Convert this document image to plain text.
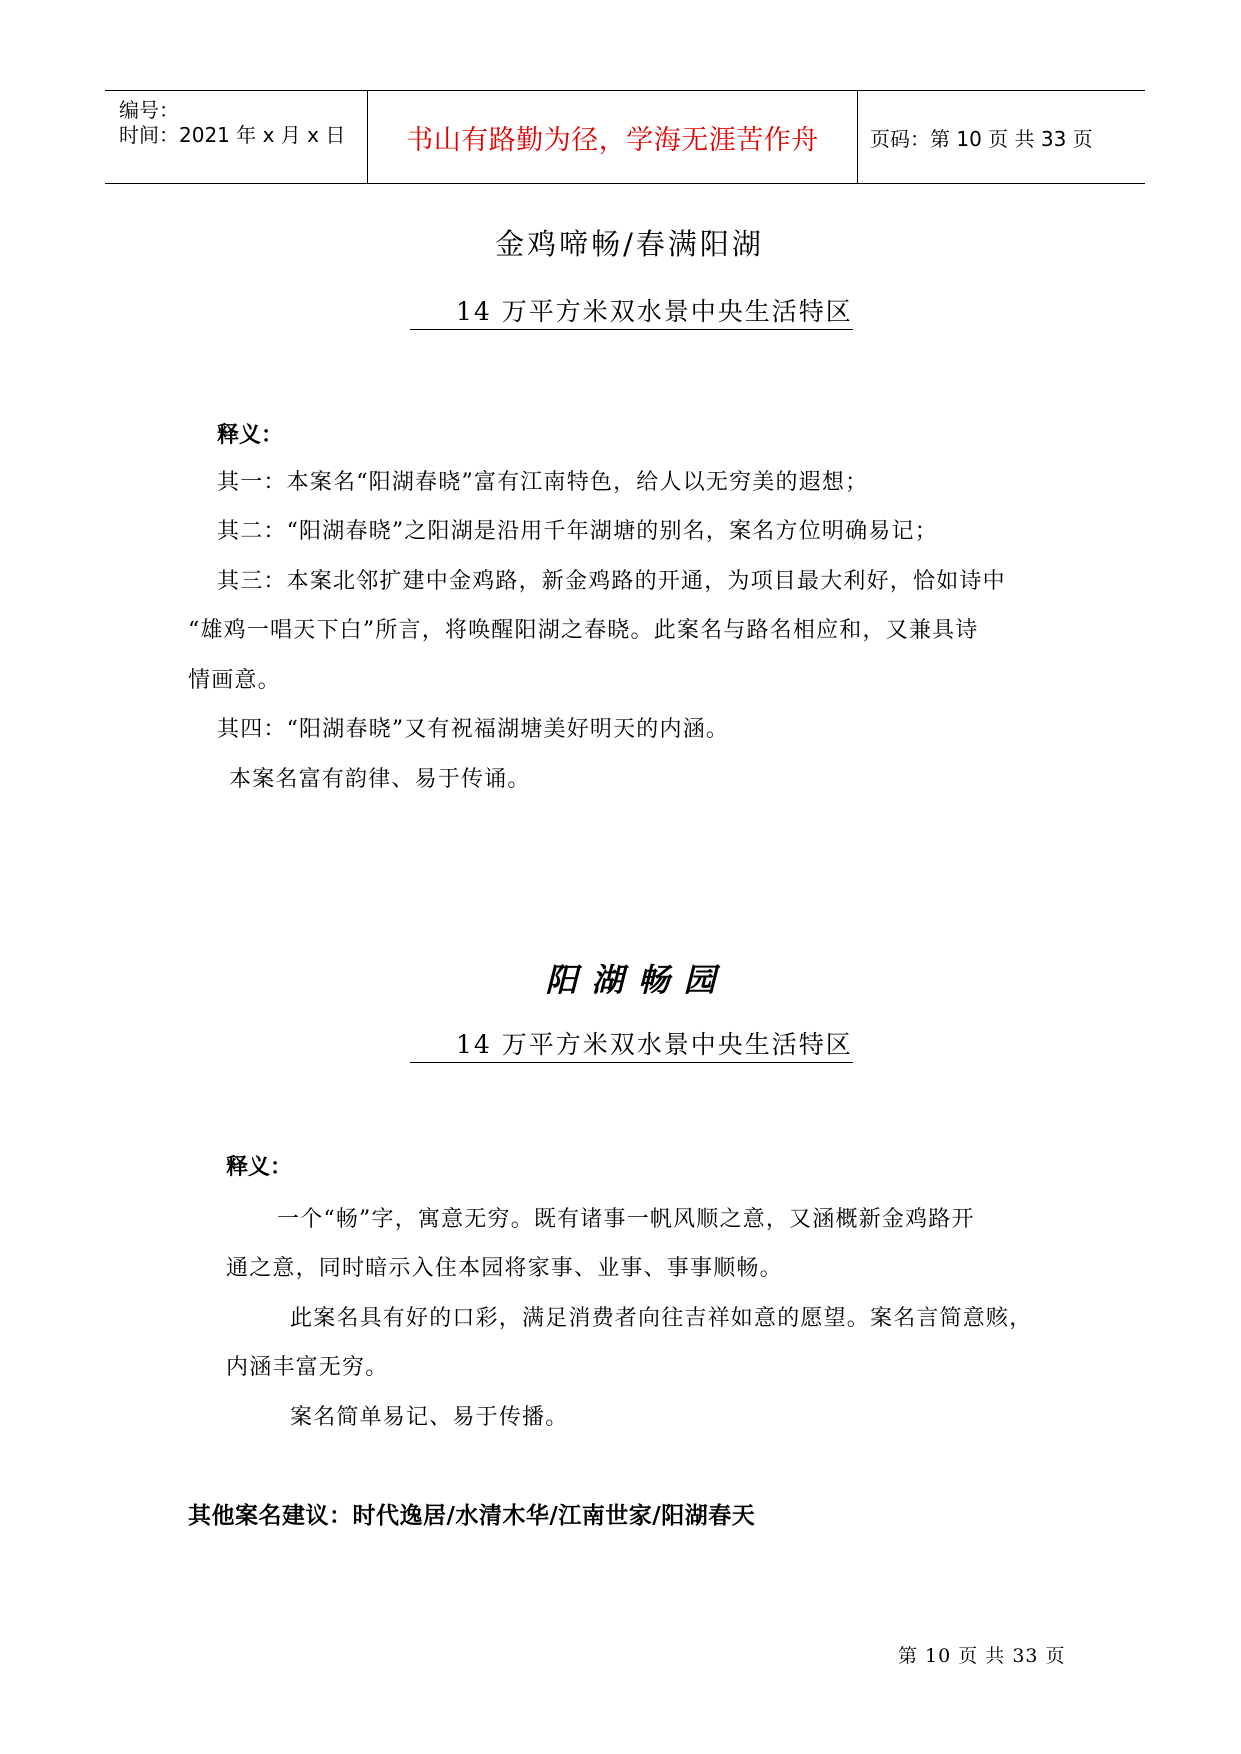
编号：
时间：2021 年 x 月 x 日 书山有路勤为径，学海无涯苦作舟	页码：第 10 页 共 33 页
金鸡啼畅/春满阳湖
14 万平方米双水景中央生活特区
释义：
其一：本案名“阳湖春晓”富有江南特色，给人以无穷美的遐想；
其二：“阳湖春晓”之阳湖是沿用千年湖塘的别名，案名方位明确易记；
其三：本案北邻扩建中金鸡路，新金鸡路的开通，为项目最大利好，恰如诗中
“雄鸡一唱天下白”所言，将唤醒阳湖之春晓。此案名与路名相应和，又兼具诗
情画意。
其四：“阳湖春晓”又有祝福湖塘美好明天的内涵。
本案名富有韵律、易于传诵。
阳湖畅园
14 万平方米双水景中央生活特区
释义：
一个“畅”字，寓意无穷。既有诸事一帆风顺之意，又涵概新金鸡路开
通之意，同时暗示入住本园将家事、业事、事事顺畅。
此案名具有好的口彩，满足消费者向往吉祥如意的愿望。案名言简意赅，
内涵丰富无穷。
案名简单易记、易于传播。
其他案名建议：时代逸居/水清木华/江南世家/阳湖春天
第 10 页 共 33 页
